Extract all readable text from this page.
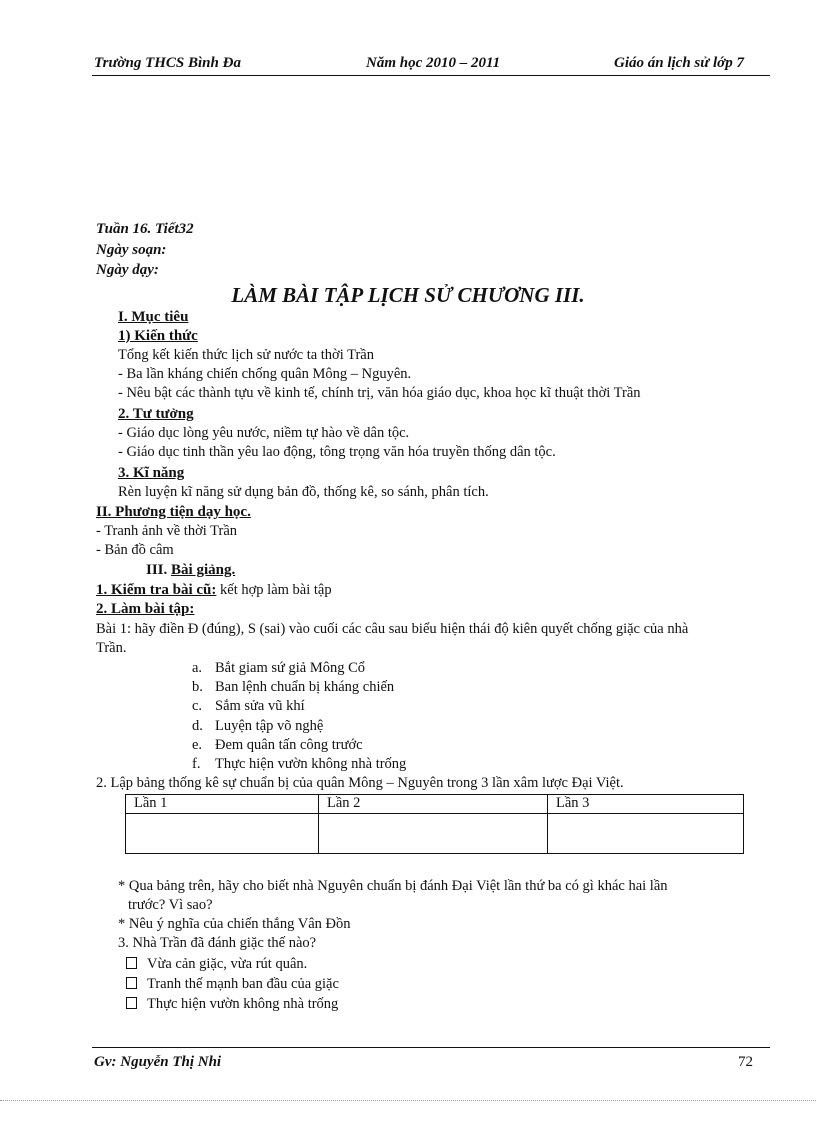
Trường THCS Bình Đa	Năm học 2010 – 2011	Giáo án lịch sử lớp 7
Tuần 16. Tiết32
Ngày soạn:
Ngày dạy:
LÀM BÀI TẬP LỊCH SỬ CHƯƠNG III.
I. Mục tiêu
1) Kiến thức
Tổng kết kiến thức lịch sử nước ta thời Trần
- Ba lần kháng chiến chống quân Mông – Nguyên.
- Nêu bật các thành tựu về kinh tế, chính trị, văn hóa giáo dục, khoa học kĩ thuật thời Trần
2. Tư tưởng
- Giáo dục lòng yêu nước, niềm tự hào về dân tộc.
- Giáo dục tinh thần yêu lao động, tông trọng văn hóa truyền thống dân tộc.
3. Kĩ năng
Rèn luyện kĩ năng sử dụng bản đồ, thống kê, so sánh, phân tích.
II. Phương tiện dạy học.
- Tranh ảnh về thời Trần
- Bản đồ câm
III. Bài giảng.
1. Kiểm tra bài cũ: kết hợp làm bài tập
2. Làm bài tập:
Bài 1: hãy điền Đ (đúng), S (sai) vào cuối các câu sau biểu hiện thái độ kiên quyết chống giặc của nhà
Trần.
a. Bắt giam sứ giả Mông Cổ
b. Ban lệnh chuẩn bị kháng chiến
c. Sắm sửa vũ khí
d. Luyện tập võ nghệ
e. Đem quân tấn công trước
f. Thực hiện vườn không nhà trống
2. Lập bảng thống kê sự chuẩn bị của quân Mông – Nguyên trong 3 lần xâm lược Đại Việt.
Lần 1	Lần 2	Lần 3

* Qua bảng trên, hãy cho biết nhà Nguyên chuẩn bị đánh Đại Việt lần thứ ba có gì khác hai lần
trước? Vì sao?
* Nêu ý nghĩa của chiến thắng Vân Đồn
3. Nhà Trần đã đánh giặc thế nào?
Vừa cản giặc, vừa rút quân.
Tranh thế mạnh ban đầu của giặc
Thực hiện vườn không nhà trống
Gv: Nguyễn Thị Nhi	72
